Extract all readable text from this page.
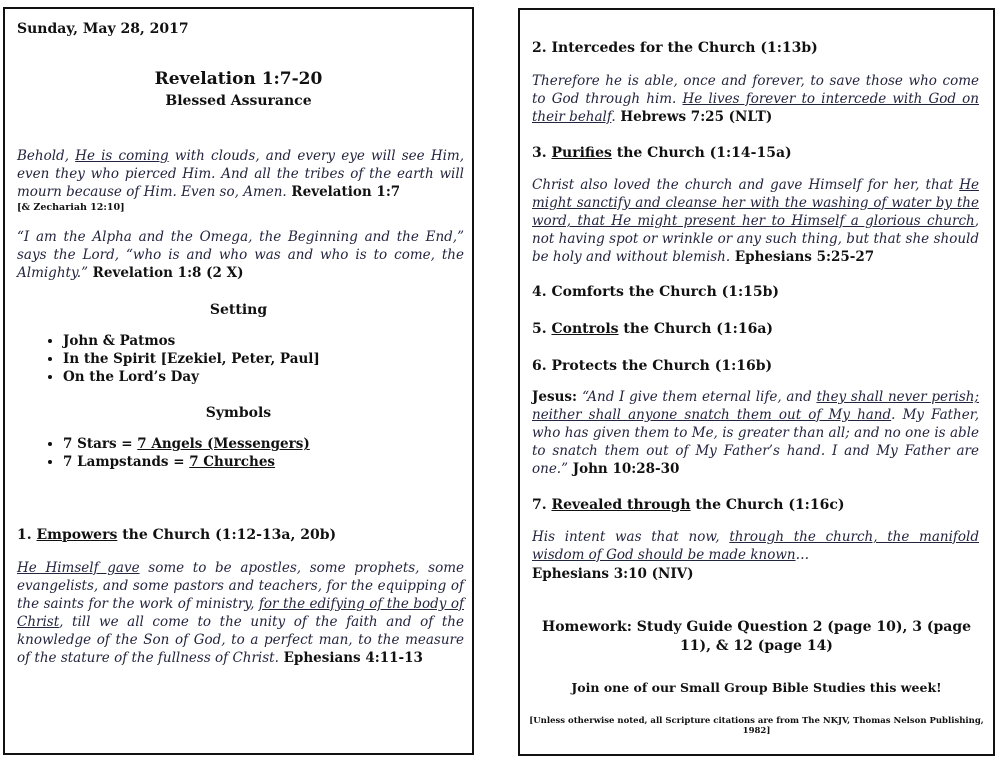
Sunday, May 28, 2017
Revelation 1:7-20
Blessed Assurance
Behold, He is coming with clouds, and every eye will see Him, even they who pierced Him. And all the tribes of the earth will mourn because of Him. Even so, Amen. Revelation 1:7
[& Zechariah 12:10]
“I am the Alpha and the Omega, the Beginning and the End,” says the Lord, “who is and who was and who is to come, the Almighty.” Revelation 1:8 (2 X)
Setting
• John & Patmos
• In the Spirit [Ezekiel, Peter, Paul]
• On the Lord’s Day
Symbols
• 7 Stars = 7 Angels (Messengers)
• 7 Lampstands = 7 Churches
1. Empowers the Church (1:12-13a, 20b)
He Himself gave some to be apostles, some prophets, some evangelists, and some pastors and teachers, for the equipping of the saints for the work of ministry, for the edifying of the body of Christ, till we all come to the unity of the faith and of the knowledge of the Son of God, to a perfect man, to the measure of the stature of the fullness of Christ. Ephesians 4:11-13
2. Intercedes for the Church (1:13b)
Therefore he is able, once and forever, to save those who come to God through him. He lives forever to intercede with God on their behalf. Hebrews 7:25 (NLT)
3. Purifies the Church (1:14-15a)
Christ also loved the church and gave Himself for her, that He might sanctify and cleanse her with the washing of water by the word, that He might present her to Himself a glorious church, not having spot or wrinkle or any such thing, but that she should be holy and without blemish. Ephesians 5:25-27
4. Comforts the Church (1:15b)
5. Controls the Church (1:16a)
6. Protects the Church (1:16b)
Jesus: “And I give them eternal life, and they shall never perish; neither shall anyone snatch them out of My hand. My Father, who has given them to Me, is greater than all; and no one is able to snatch them out of My Father’s hand. I and My Father are one.” John 10:28-30
7. Revealed through the Church (1:16c)
His intent was that now, through the church, the manifold wisdom of God should be made known…
Ephesians 3:10 (NIV)
Homework: Study Guide Question 2 (page 10), 3 (page 11), & 12 (page 14)
Join one of our Small Group Bible Studies this week!
[Unless otherwise noted, all Scripture citations are from The NKJV, Thomas Nelson Publishing, 1982]
